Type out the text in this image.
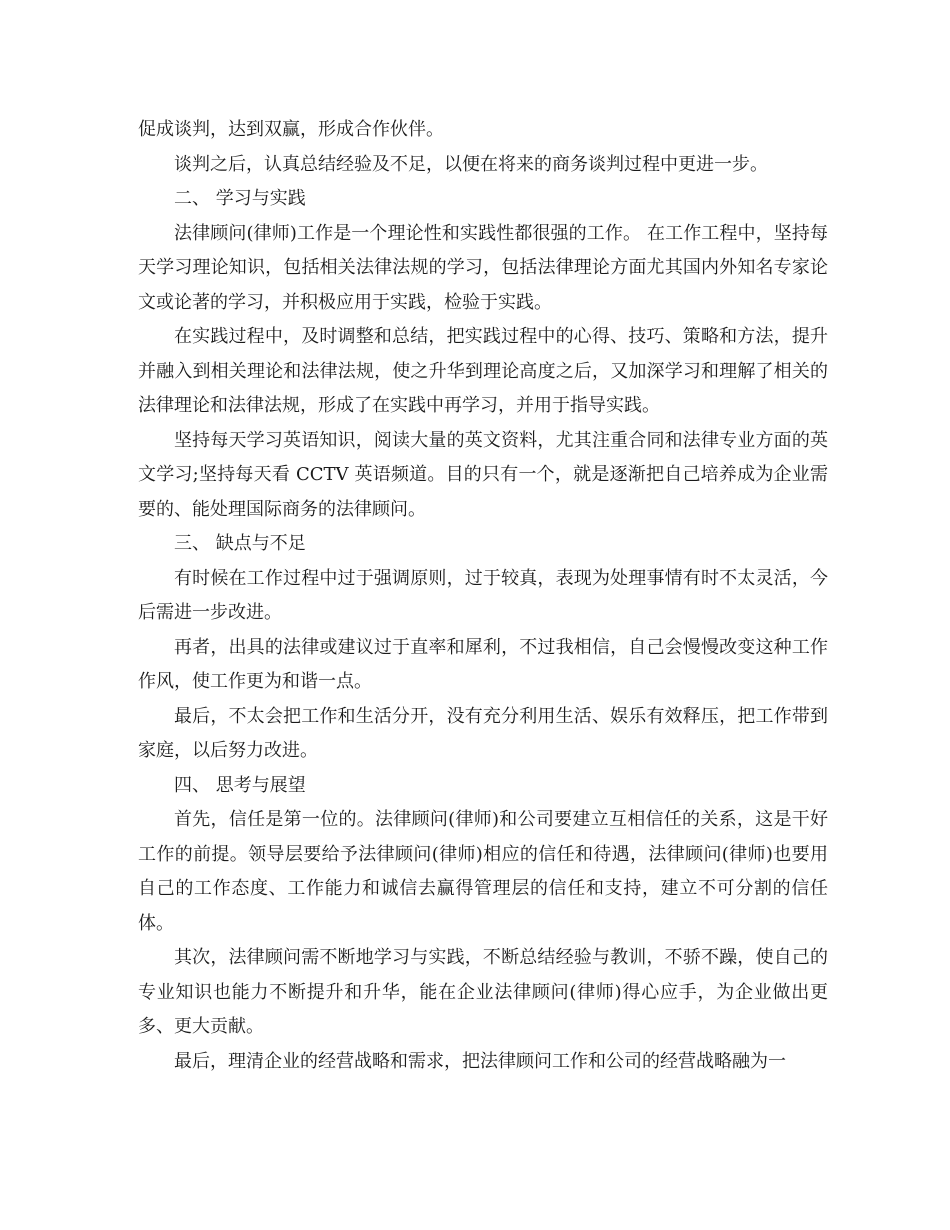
促成谈判，达到双赢，形成合作伙伴。

谈判之后，认真总结经验及不足，以便在将来的商务谈判过程中更进一步。

二、 学习与实践

法律顾问(律师)工作是一个理论性和实践性都很强的工作。 在工作工程中，坚持每天学习理论知识，包括相关法律法规的学习，包括法律理论方面尤其国内外知名专家论文或论著的学习，并积极应用于实践，检验于实践。

在实践过程中，及时调整和总结，把实践过程中的心得、技巧、策略和方法，提升并融入到相关理论和法律法规，使之升华到理论高度之后，又加深学习和理解了相关的法律理论和法律法规，形成了在实践中再学习，并用于指导实践。

坚持每天学习英语知识，阅读大量的英文资料，尤其注重合同和法律专业方面的英文学习;坚持每天看 CCTV 英语频道。目的只有一个，就是逐渐把自己培养成为企业需要的、能处理国际商务的法律顾问。

三、 缺点与不足

有时候在工作过程中过于强调原则，过于较真，表现为处理事情有时不太灵活，今后需进一步改进。

再者，出具的法律或建议过于直率和犀利，不过我相信，自己会慢慢改变这种工作作风，使工作更为和谐一点。

最后，不太会把工作和生活分开，没有充分利用生活、娱乐有效释压，把工作带到家庭，以后努力改进。

四、 思考与展望

首先，信任是第一位的。法律顾问(律师)和公司要建立互相信任的关系，这是干好工作的前提。领导层要给予法律顾问(律师)相应的信任和待遇，法律顾问(律师)也要用自己的工作态度、工作能力和诚信去赢得管理层的信任和支持，建立不可分割的信任体。

其次，法律顾问需不断地学习与实践，不断总结经验与教训，不骄不躁，使自己的专业知识也能力不断提升和升华，能在企业法律顾问(律师)得心应手，为企业做出更多、更大贡献。

最后，理清企业的经营战略和需求，把法律顾问工作和公司的经营战略融为一
